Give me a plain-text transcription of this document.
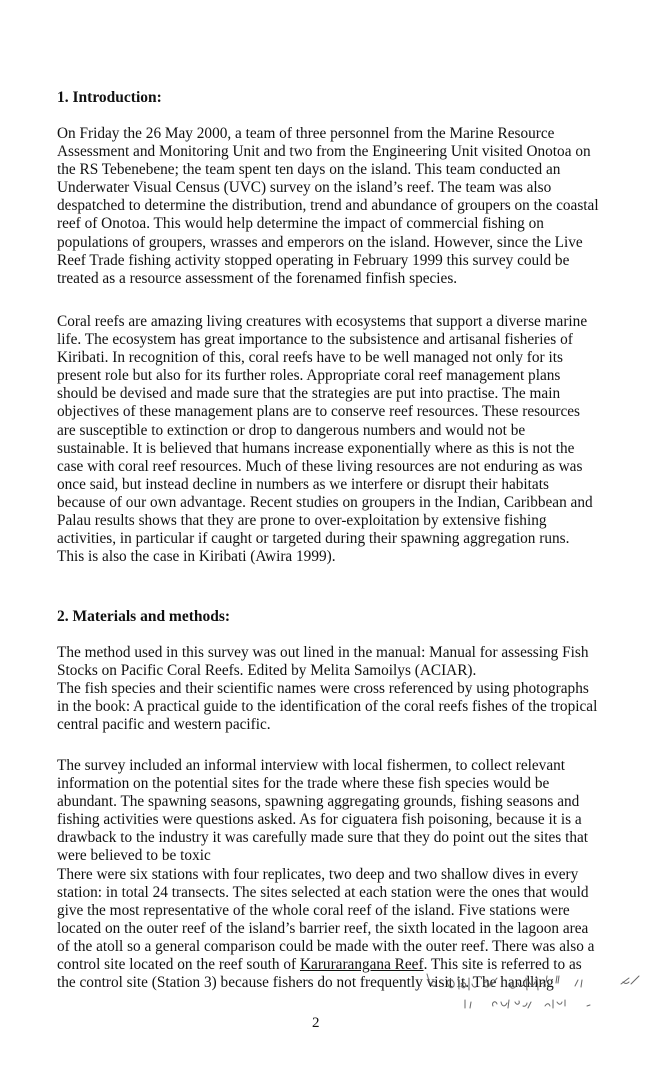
1. Introduction:

On Friday the 26 May 2000, a team of three personnel from the Marine Resource
Assessment and Monitoring Unit and two from the Engineering Unit visited Onotoa on
the RS Tebenebene; the team spent ten days on the island. This team conducted an
Underwater Visual Census (UVC) survey on the island’s reef. The team was also
despatched to determine the distribution, trend and abundance of groupers on the coastal
reef of Onotoa. This would help determine the impact of commercial fishing on
populations of groupers, wrasses and emperors on the island. However, since the Live
Reef Trade fishing activity stopped operating in February 1999 this survey could be
treated as a resource assessment of the forenamed finfish species.

Coral reefs are amazing living creatures with ecosystems that support a diverse marine
life. The ecosystem has great importance to the subsistence and artisanal fisheries of
Kiribati. In recognition of this, coral reefs have to be well managed not only for its
present role but also for its further roles. Appropriate coral reef management plans
should be devised and made sure that the strategies are put into practise. The main
objectives of these management plans are to conserve reef resources. These resources
are susceptible to extinction or drop to dangerous numbers and would not be
sustainable. It is believed that humans increase exponentially where as this is not the
case with coral reef resources. Much of these living resources are not enduring as was
once said, but instead decline in numbers as we interfere or disrupt their habitats
because of our own advantage. Recent studies on groupers in the Indian, Caribbean and
Palau results shows that they are prone to over-exploitation by extensive fishing
activities, in particular if caught or targeted during their spawning aggregation runs.
This is also the case in Kiribati (Awira 1999).

2. Materials and methods:

The method used in this survey was out lined in the manual: Manual for assessing Fish
Stocks on Pacific Coral Reefs. Edited by Melita Samoilys (ACIAR).
The fish species and their scientific names were cross referenced by using photographs
in the book: A practical guide to the identification of the coral reefs fishes of the tropical
central pacific and western pacific.

The survey included an informal interview with local fishermen, to collect relevant
information on the potential sites for the trade where these fish species would be
abundant. The spawning seasons, spawning aggregating grounds, fishing seasons and
fishing activities were questions asked. As for ciguatera fish poisoning, because it is a
drawback to the industry it was carefully made sure that they do point out the sites that
were believed to be toxic
There were six stations with four replicates, two deep and two shallow dives in every
station: in total 24 transects. The sites selected at each station were the ones that would
give the most representative of the whole coral reef of the island. Five stations were
located on the outer reef of the island’s barrier reef, the sixth located in the lagoon area
of the atoll so a general comparison could be made with the outer reef. There was also a
control site located on the reef south of Karurarangana Reef. This site is referred to as
the control site (Station 3) because fishers do not frequently visit it. The handling

2
